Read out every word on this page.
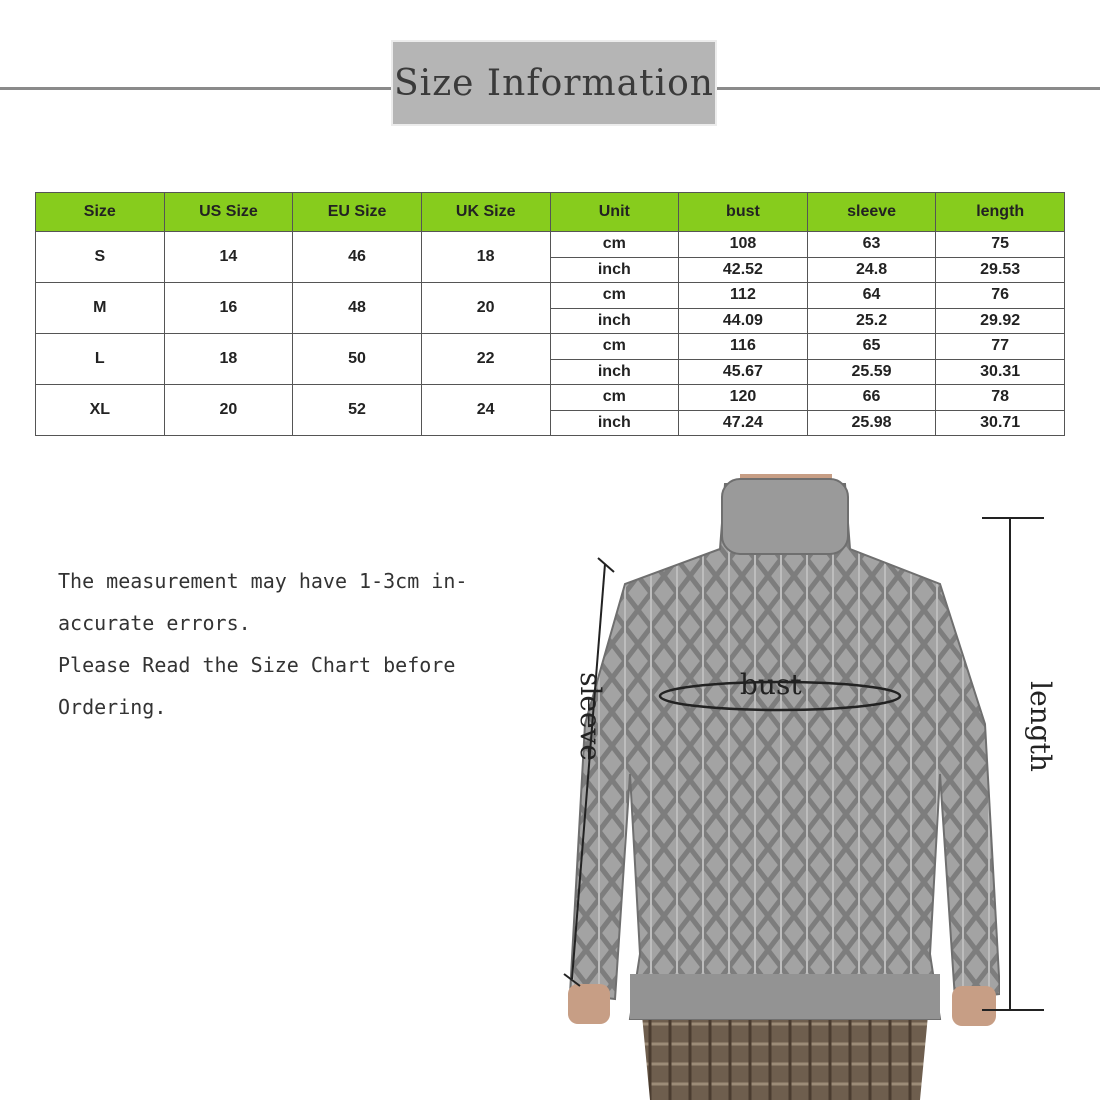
Size Information
Size	US Size	EU Size	UK Size	Unit	bust	sleeve	length
S	14	46	18	cm	108	63	75
				inch	42.52	24.8	29.53
M	16	48	20	cm	112	64	76
				inch	44.09	25.2	29.92
L	18	50	22	cm	116	65	77
				inch	45.67	25.59	30.31
XL	20	52	24	cm	120	66	78
				inch	47.24	25.98	30.71

The measurement may have 1-3cm in-

accurate errors.

Please Read the Size Chart before

Ordering.

bust
sleeve	length
